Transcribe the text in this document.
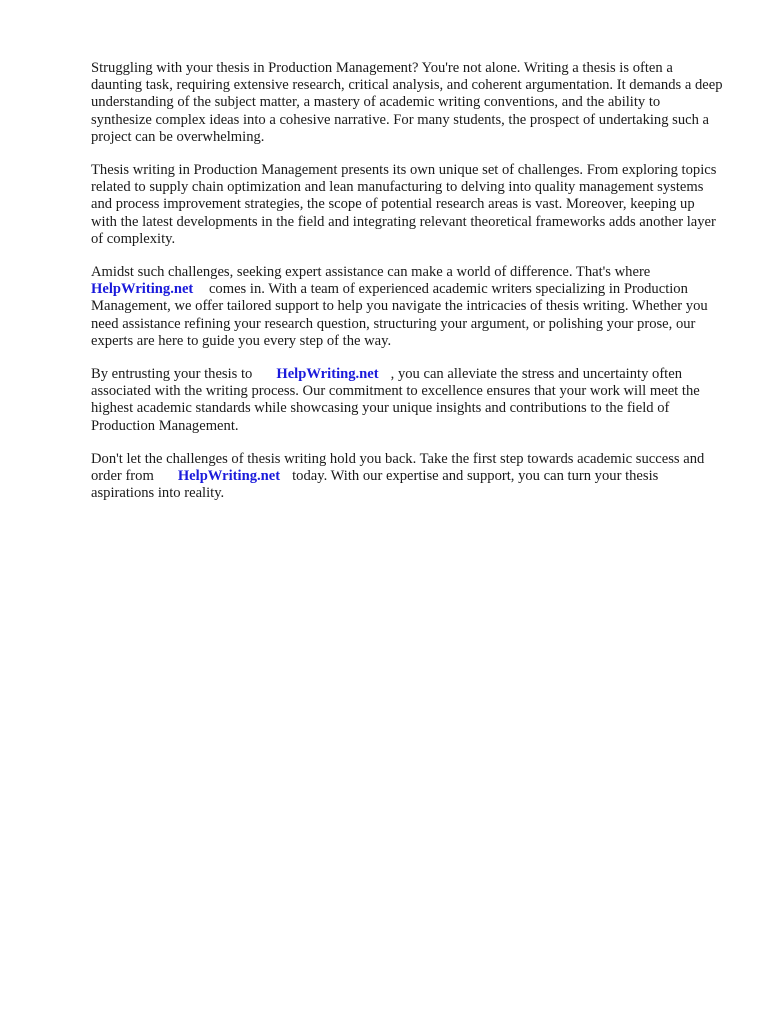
Struggling with your thesis in Production Management? You're not alone. Writing a thesis is often a daunting task, requiring extensive research, critical analysis, and coherent argumentation. It demands a deep understanding of the subject matter, a mastery of academic writing conventions, and the ability to synthesize complex ideas into a cohesive narrative. For many students, the prospect of undertaking such a project can be overwhelming.

Thesis writing in Production Management presents its own unique set of challenges. From exploring topics related to supply chain optimization and lean manufacturing to delving into quality management systems and process improvement strategies, the scope of potential research areas is vast. Moreover, keeping up with the latest developments in the field and integrating relevant theoretical frameworks adds another layer of complexity.

Amidst such challenges, seeking expert assistance can make a world of difference. That's where
HelpWriting.net comes in. With a team of experienced academic writers specializing in Production Management, we offer tailored support to help you navigate the intricacies of thesis writing. Whether you need assistance refining your research question, structuring your argument, or polishing your prose, our experts are here to guide you every step of the way.

By entrusting your thesis to HelpWriting.net , you can alleviate the stress and uncertainty often associated with the writing process. Our commitment to excellence ensures that your work will meet the highest academic standards while showcasing your unique insights and contributions to the field of Production Management.

Don't let the challenges of thesis writing hold you back. Take the first step towards academic success and order from HelpWriting.net today. With our expertise and support, you can turn your thesis aspirations into reality.
